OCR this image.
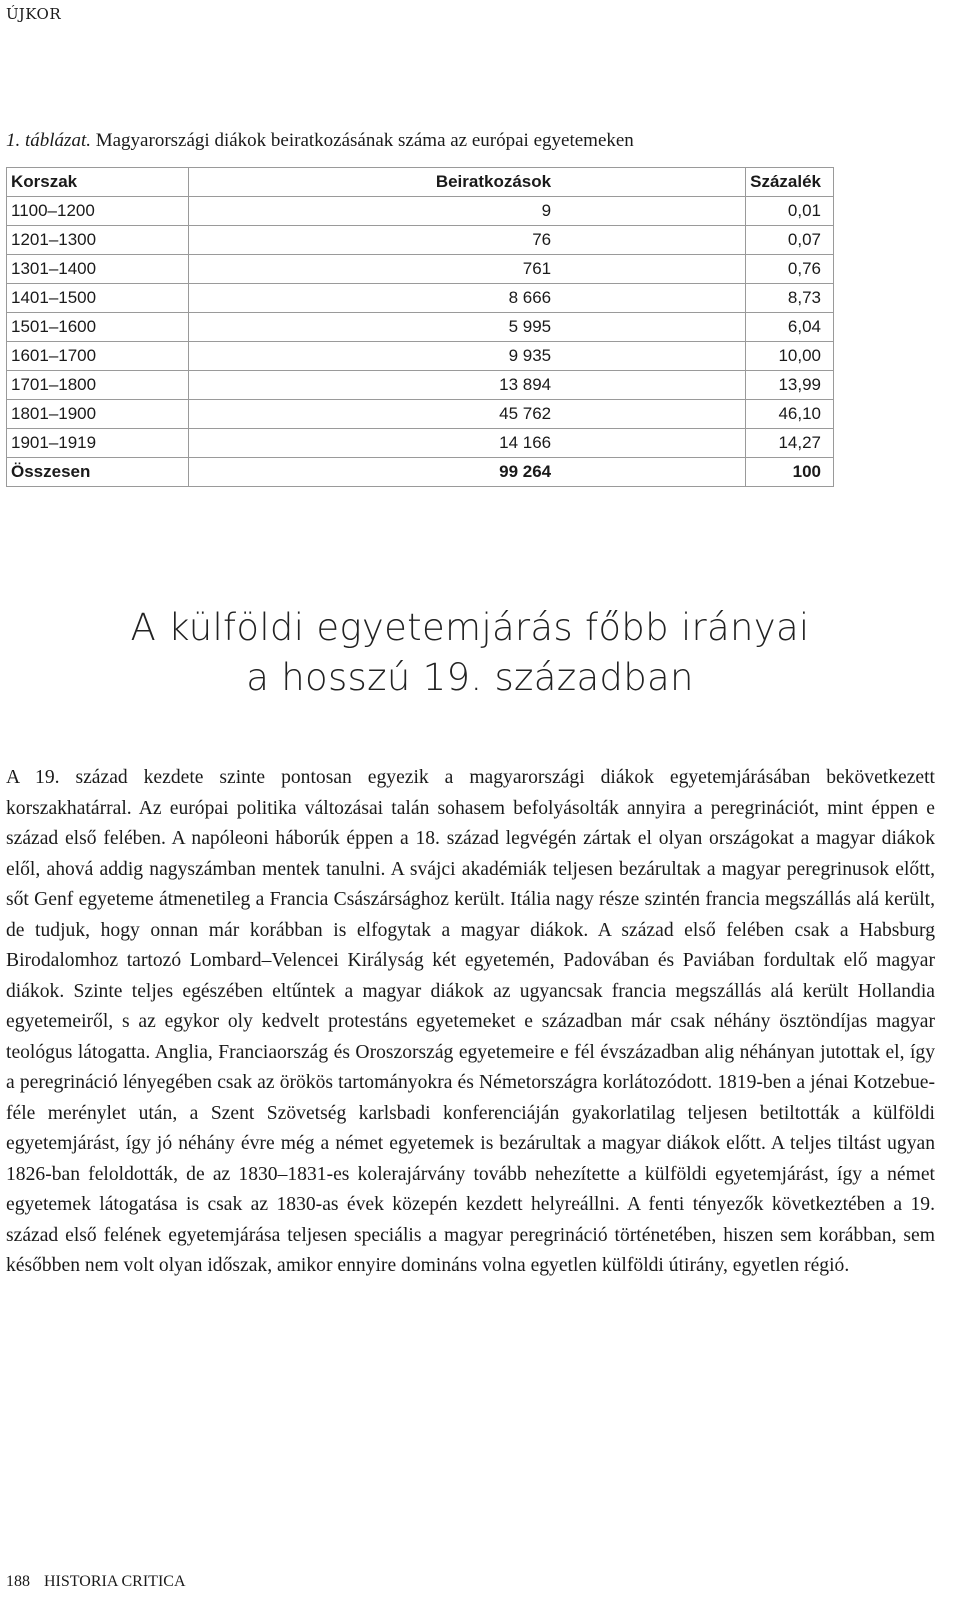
ÚJKOR
1. táblázat. Magyarországi diákok beiratkozásának száma az európai egyetemeken
Korszak	Beiratkozások	Százalék
1100–1200	9	0,01
1201–1300	76	0,07
1301–1400	761	0,76
1401–1500	8 666	8,73
1501–1600	5 995	6,04
1601–1700	9 935	10,00
1701–1800	13 894	13,99
1801–1900	45 762	46,10
1901–1919	14 166	14,27
Összesen	99 264	100
A külföldi egyetemjárás főbb irányai
a hosszú 19. században
A 19. század kezdete szinte pontosan egyezik a magyarországi diákok egyetemjárásában bekövetkezett korszakhatárral. Az európai politika változásai talán sohasem befolyásolták annyira a peregrinációt, mint éppen e század első felében. A napóleoni háborúk éppen a 18. század legvégén zártak el olyan országokat a magyar diákok elől, ahová addig nagyszámban mentek tanulni. A svájci akadémiák teljesen bezárultak a magyar peregrinusok előtt, sőt Genf egyeteme átmenetileg a Francia Császársághoz került. Itália nagy része szintén francia megszállás alá került, de tudjuk, hogy onnan már korábban is elfogytak a magyar diákok. A század első felében csak a Habsburg Birodalomhoz tartozó Lombard–Velencei Királyság két egyetemén, Padovában és Paviában fordultak elő magyar diákok. Szinte teljes egészében eltűntek a magyar diákok az ugyancsak francia megszállás alá került Hollandia egyetemeiről, s az egykor oly kedvelt protestáns egyetemeket e században már csak néhány ösztöndíjas magyar teológus látogatta. Anglia, Franciaország és Oroszország egyetemeire e fél évszázadban alig néhányan jutottak el, így a peregrináció lényegében csak az örökös tartományokra és Németországra korlátozódott. 1819-ben a jénai Kotzebue-féle merénylet után, a Szent Szövetség karlsbadi konferenciáján gyakorlatilag teljesen betiltották a külföldi egyetemjárást, így jó néhány évre még a német egyetemek is bezárultak a magyar diákok előtt. A teljes tiltást ugyan 1826-ban feloldották, de az 1830–1831-es kolerajárvány tovább nehezítette a külföldi egyetemjárást, így a német egyetemek látogatása is csak az 1830-as évek közepén kezdett helyreállni. A fenti tényezők következtében a 19. század első felének egyetemjárása teljesen speciális a magyar peregrináció történetében, hiszen sem korábban, sem későbben nem volt olyan időszak, amikor ennyire domináns volna egyetlen külföldi útirány, egyetlen régió.
188 HISTORIA CRITICA
